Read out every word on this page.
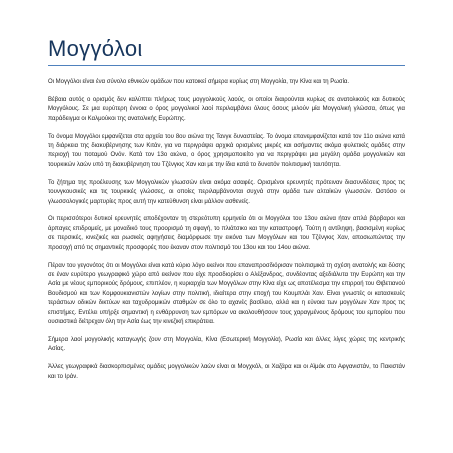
Μογγόλοι

Οι Μογγόλοι είναι ένα σύνολο εθνικών ομάδων που κατοικεί σήμερα κυρίως στη Μογγολία, την Κίνα και τη Ρωσία.

Βέβαια αυτός ο ορισμός δεν καλύπτει πλήρως τους μογγολικούς λαούς, οι οποίοι διαιρούνται κυρίως σε ανατολικούς και δυτικούς Μογγόλους. Σε μια ευρύτερη έννοια ο όρος μογγολικοί λαοί περιλαμβάνει όλους όσους μιλούν μία Μογγολική γλώσσα, όπως για παράδειγμα οι Καλμούκοι της ανατολικής Ευρώπης.

Το όνομα Μογγόλοι εμφανίζεται στα αρχεία του 8ου αιώνα της Τανγκ δυναστείας. Το όνομα επανεμφανίζεται κατά τον 11ο αιώνα κατά τη διάρκεια της διακυβέρνησης των Κιτάν, για να περιγράψει αρχικά ορισμένες μικρές και ασήμαντες ακόμα φυλετικές ομάδες στην περιοχή του ποταμού Ονόν. Κατά τον 13ο αιώνα, ο όρος χρησιμοποιείτο για να περιγράψει μια μεγάλη ομάδα μογγολικών και τουρκικών λαών υπό τη διακυβέρνηση του Τζένγκις Χαν και με την ίδια κατά το δυνατόν πολιτισμική ταυτότητα.

Το ζήτημα της προέλευσης των Μογγολικών γλωσσών είναι ακόμα ασαφές. Ορισμένοι ερευνητές πρότειναν διασυνδέσεις προς τις τουνγκουσικές και τις τουρκικές γλώσσες, οι οποίες περιλαμβάνονται συχνά στην ομάδα των αλταϊκών γλωσσών. Ωστόσο οι γλωσσολογικές μαρτυρίες προς αυτή την κατεύθυνση είναι μάλλον ασθενείς.

Οι περισσότεροι δυτικοί ερευνητές αποδέχονταν τη στερεότυπη ερμηνεία ότι οι Μογγόλοι του 13ου αιώνα ήταν απλά βάρβαροι και άρπαγες επιδρομείς, με μοναδικό τους προορισμό τη σφαγή, το πλιάτσικο και την καταστροφή. Τούτη η αντίληψη, βασισμένη κυρίως σε περσικές, κινεζικές και ρωσικές αφηγήσεις διαμόρφωσε την εικόνα των Μογγόλων και του Τζένγκις Χαν, αποσιωπώντας την προσοχή από τις σημαντικές προσφορές που έκαναν στον πολιτισμό του 13ου και του 14ου αιώνα.

Πέραν του γεγονότος ότι οι Μογγόλοι είναι κατά κύριο λόγο εκείνοι που επαναπροσδιόρισαν πολιτισμικά τη σχέση ανατολής και δύσης σε έναν ευρύτερο γεωγραφικό χώρο από εκείνον που είχε προσδιορίσει ο Αλέξανδρος, συνδέοντας αξεδιάλυτα την Ευρώπη και την Ασία με νέους εμπορικούς δρόμους, επιπλέον, η κυριαρχία των Μογγόλων στην Κίνα είχε ως αποτέλεσμα την επιρροή του Θιβετιανού Βουδισμού και των Κομφουκιανιστών λογίων στην πολιτική, ιδιαίτερα στην εποχή του Κουμπλάι Χαν. Είναι γνωστές οι κατασκευές τεράστιων οδικών δικτύων και ταχυδρομικών σταθμών σε όλο το αχανές βασίλειο, αλλά και η εύνοια των μογγόλων Χαν προς τις επιστήμες. Εντέλει υπήρξε σημαντική η ενθάρρυνση των εμπόρων να ακολουθήσουν τους χαραγμένους δρόμους του εμπορίου που ουσιαστικά διέτρεχαν όλη την Ασία έως την κινεζική επικράτεια.

Σήμερα λαοί μογγολικής καταγωγής ζουν στη Μογγολία, Κίνα (Εσωτερική Μογγολία), Ρωσία και άλλες λίγες χώρες της κεντρικής Ασίας.

Άλλες γεωγραφικά διασκορπισμένες ομάδες μογγολικών λαών είναι οι Μογχκόλ, οι Χαζάρα και οι Αϊμάκ στο Αφγανιστάν, το Πακιστάν και το Ιράν.
